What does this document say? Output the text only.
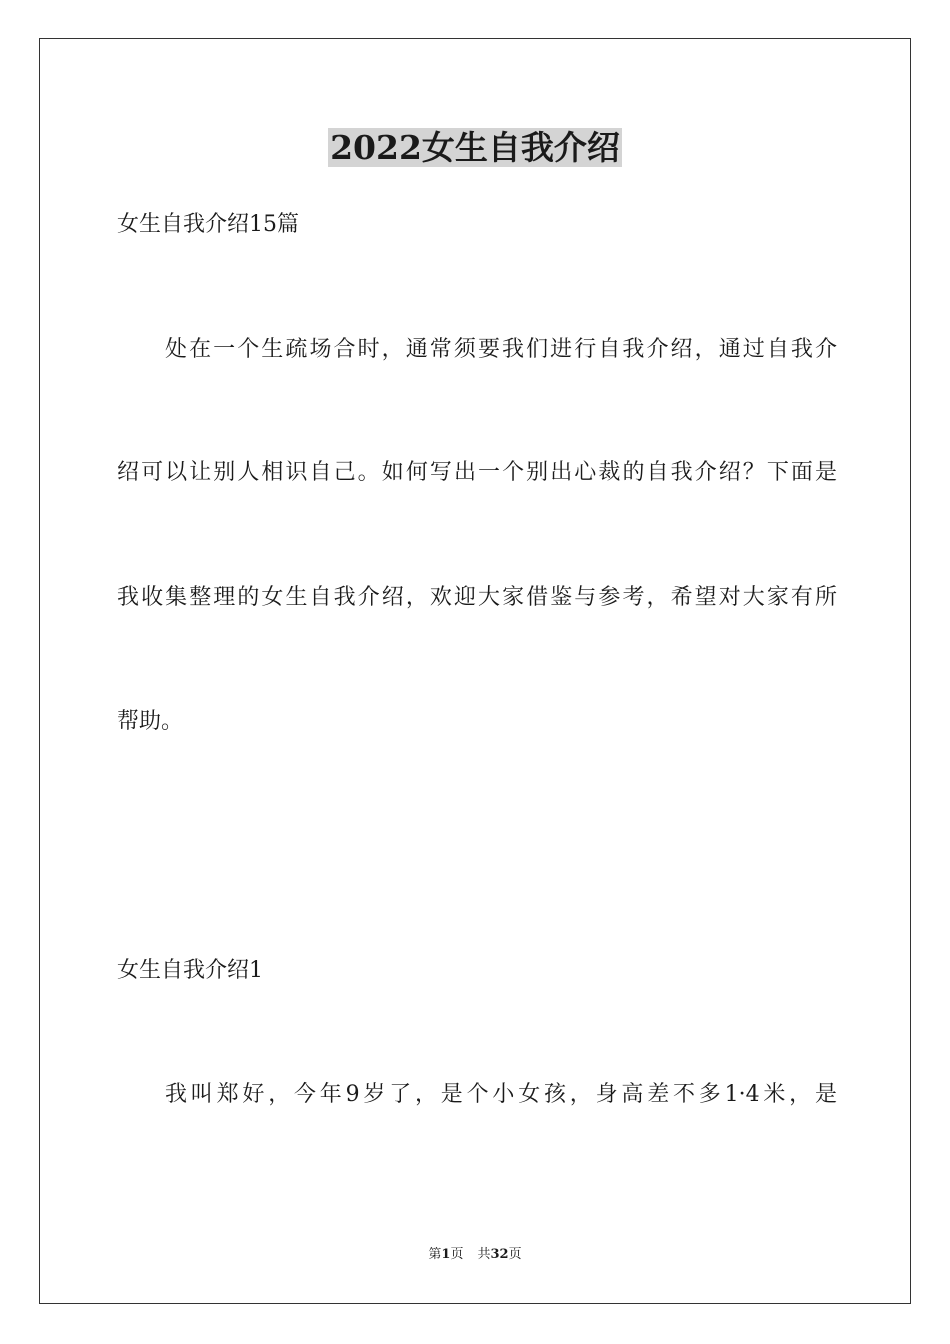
2022女生自我介绍
女生自我介绍15篇
处在一个生疏场合时，通常须要我们进行自我介绍，通过自我介
绍可以让别人相识自己。如何写出一个别出心裁的自我介绍？下面是
我收集整理的女生自我介绍，欢迎大家借鉴与参考，希望对大家有所
帮助。
女生自我介绍1
我叫郑好，今年9岁了，是个小女孩，身高差不多1·4米，是
第1页 共32页
